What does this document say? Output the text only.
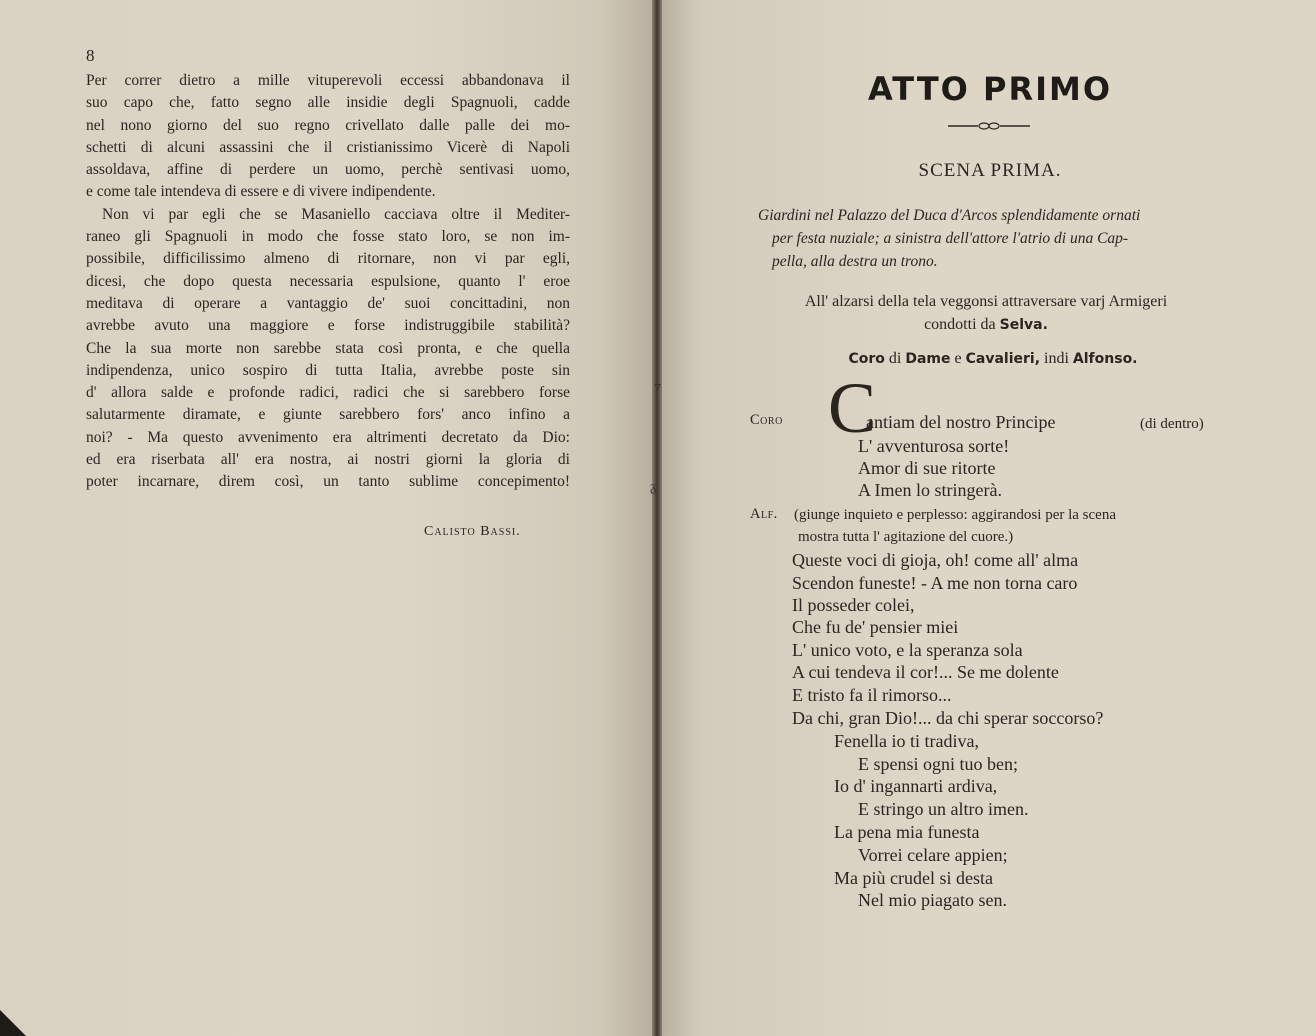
8
Per correr dietro a mille vituperevoli eccessi abbandonava il
suo capo che, fatto segno alle insidie degli Spagnuoli, cadde
nel nono giorno del suo regno crivellato dalle palle dei mo-
schetti di alcuni assassini che il cristianissimo Vicerè di Napoli
assoldava, affine di perdere un uomo, perchè sentivasi uomo,
e come tale intendeva di essere e di vivere indipendente.
Non vi par egli che se Masaniello cacciava oltre il Mediter-
raneo gli Spagnuoli in modo che fosse stato loro, se non im-
possibile, difficilissimo almeno di ritornare, non vi par egli,
dicesi, che dopo questa necessaria espulsione, quanto l' eroe
meditava di operare a vantaggio de' suoi concittadini, non
avrebbe avuto una maggiore e forse indistruggibile stabilità?
Che la sua morte non sarebbe stata così pronta, e che quella
indipendenza, unico sospiro di tutta Italia, avrebbe poste sin
d' allora salde e profonde radici, radici che si sarebbero forse
salutarmente diramate, e giunte sarebbero fors' anco infino a
noi? - Ma questo avvenimento era altrimenti decretato da Dio:
ed era riserbata all' era nostra, ai nostri giorni la gloria di
poter incarnare, direm così, un tanto sublime concepimento!
Calisto Bassi.
7
ᵹ
ATTO PRIMO
SCENA PRIMA.
Giardini nel Palazzo del Duca d'Arcos splendidamente ornati
per festa nuziale; a sinistra dell'attore l'atrio di una Cap-
pella, alla destra un trono.
All' alzarsi della tela veggonsi attraversare varj Armigeri
condotti da Selva.
Coro di Dame e Cavalieri, indi Alfonso.
Coro C
antiam del nostro Principe	(di dentro)
L' avventurosa sorte!
Amor di sue ritorte
A Imen lo stringerà.
Alf. (giunge inquieto e perplesso: aggirandosi per la scena
mostra tutta l' agitazione del cuore.)
Queste voci di gioja, oh! come all' alma
Scendon funeste! - A me non torna caro
Il posseder colei,
Che fu de' pensier miei
L' unico voto, e la speranza sola
A cui tendeva il cor!... Se me dolente
E tristo fa il rimorso...
Da chi, gran Dio!... da chi sperar soccorso?
Fenella io ti tradiva,
E spensi ogni tuo ben;
Io d' ingannarti ardiva,
E stringo un altro imen.
La pena mia funesta
Vorrei celare appien;
Ma più crudel si desta
Nel mio piagato sen.
